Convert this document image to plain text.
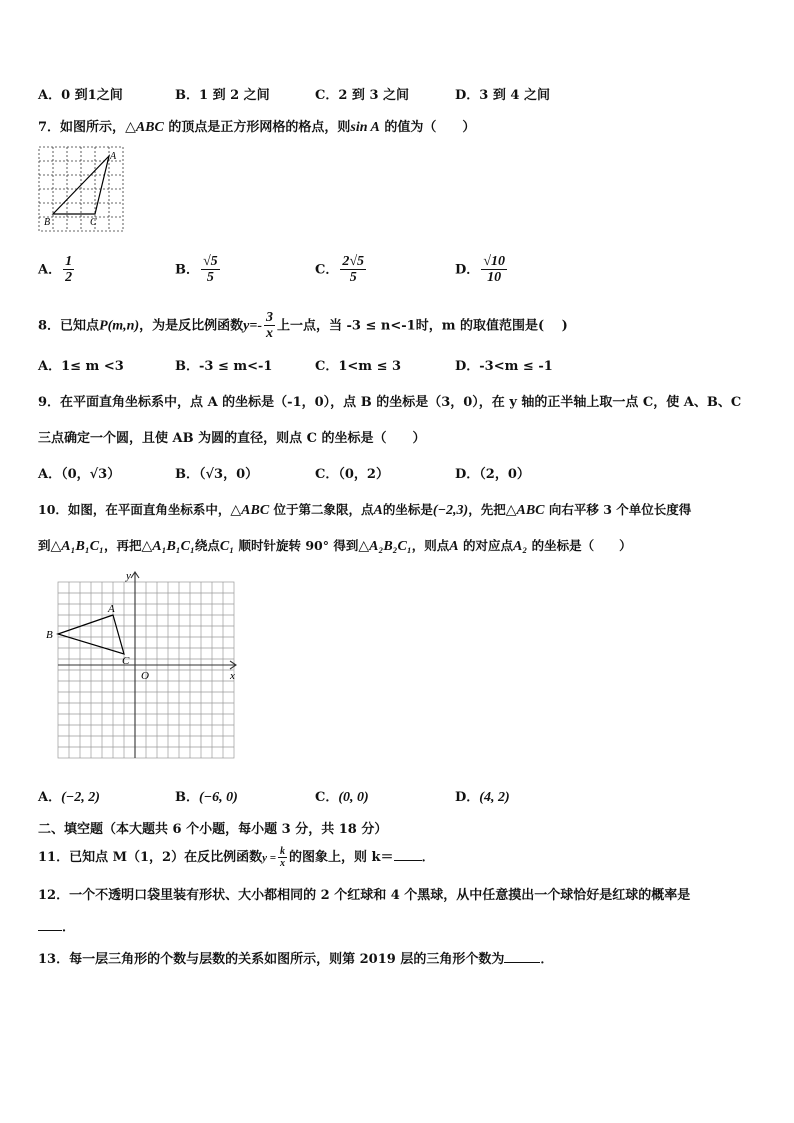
A．0 到1之间	B．1 到 2 之间	C．2 到 3 之间	D．3 到 4 之间
7．如图所示，△ABC 的顶点是正方形网格的格点，则sin A 的值为（　　）
A
B	C
A． $\frac{1}{2}$	B． $\frac{√5}{5}$	C． $\frac{2√5}{5}$	D． $\frac{√10}{10}$
8．已知点P(m,n)，为是反比例函数$y=- \frac{3}{x}$ 上一点，当 -3 ≤ n<-1时，m 的取值范围是(　 )
A．1≤ m <3	B．-3 ≤ m<-1	C．1<m ≤ 3	D．-3<m ≤ -1
9．在平面直角坐标系中，点 A 的坐标是（-1，0），点 B 的坐标是（3，0），在 y 轴的正半轴上取一点 C，使 A、B、C
三点确定一个圆，且使 AB 为圆的直径，则点 C 的坐标是（　　）
A．（0，√3）	B．（√3，0）	C．（0，2）	D．（2，0）
10．如图，在平面直角坐标系中，△ABC 位于第二象限，点A的坐标是(−2,3)，先把△ABC 向右平移 3 个单位长度得
到△A₁B₁C₁，再把△A₁B₁C₁绕点C₁ 顺时针旋转 90° 得到△A₂B₂C₁，则点A 的对应点A₂ 的坐标是（　　）
y
x
O
A
B
C
A．(−2, 2)	B．(−6, 0)	C．(0, 0)	D．(4, 2)
二、填空题（本大题共 6 个小题，每小题 3 分，共 18 分）
11．已知点 M（1，2）在反比例函数$y = \frac{k}{x}$ 的图象上，则 k＝ ．
12．一个不透明口袋里装有形状、大小都相同的 2 个红球和 4 个黑球，从中任意摸出一个球恰好是红球的概率是
．
13．每一层三角形的个数与层数的关系如图所示，则第 2019 层的三角形个数为	．
